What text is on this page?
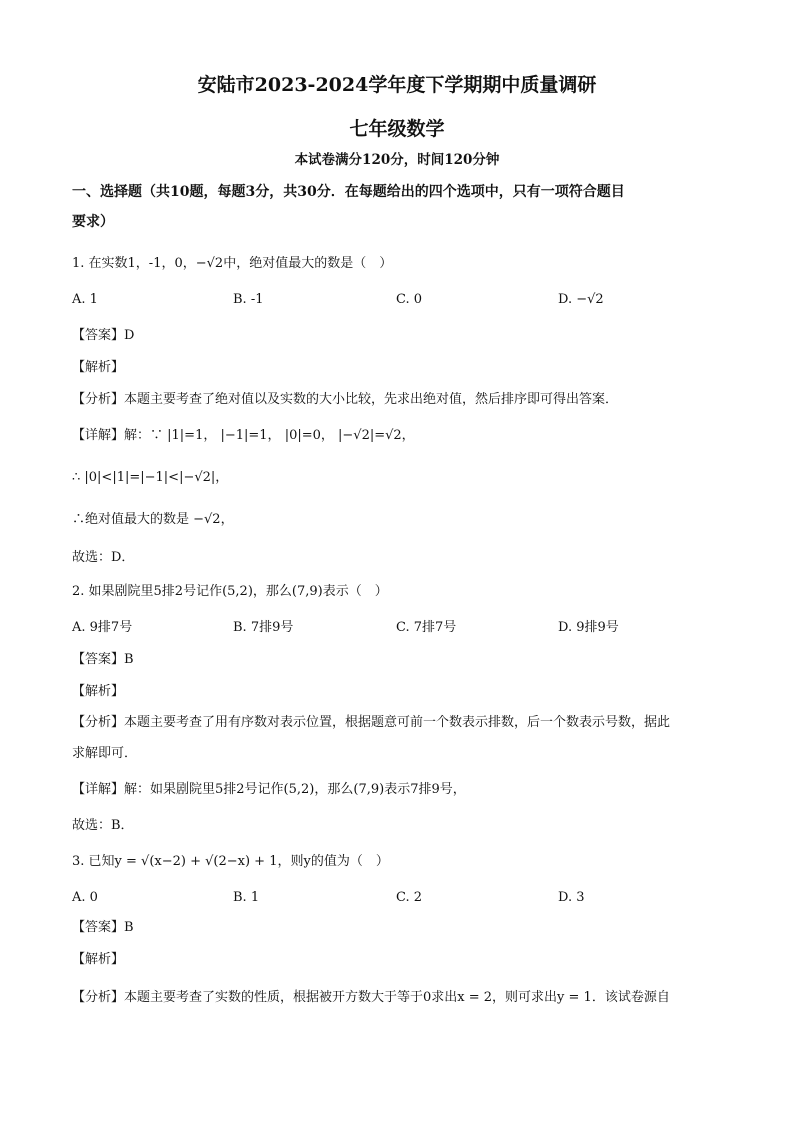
安陆市2023-2024学年度下学期期中质量调研
七年级数学
本试卷满分120分，时间120分钟
一、选择题（共10题，每题3分，共30分．在每题给出的四个选项中，只有一项符合题目
要求）
1. 在实数1，-1，0，−√2中，绝对值最大的数是（　）
A. 1	B. -1	C. 0	D. −√2
【答案】D
【解析】
【分析】本题主要考查了绝对值以及实数的大小比较，先求出绝对值，然后排序即可得出答案．
【详解】解：∵ |1|=1， |−1|=1， |0|=0， |−√2|=√2，
∴ |0|<|1|=|−1|<|−√2|，
∴绝对值最大的数是 −√2，
故选：D．
2. 如果剧院里5排2号记作(5,2)，那么(7,9)表示（　）
A. 9排7号	B. 7排9号	C. 7排7号	D. 9排9号
【答案】B
【解析】
【分析】本题主要考查了用有序数对表示位置，根据题意可前一个数表示排数，后一个数表示号数，据此
求解即可．
【详解】解：如果剧院里5排2号记作(5,2)，那么(7,9)表示7排9号，
故选：B．
3. 已知y = √(x−2) + √(2−x) + 1，则y的值为（　）
A. 0	B. 1	C. 2	D. 3
【答案】B
【解析】
【分析】本题主要考查了实数的性质，根据被开方数大于等于0求出x = 2，则可求出y = 1．该试卷源自
